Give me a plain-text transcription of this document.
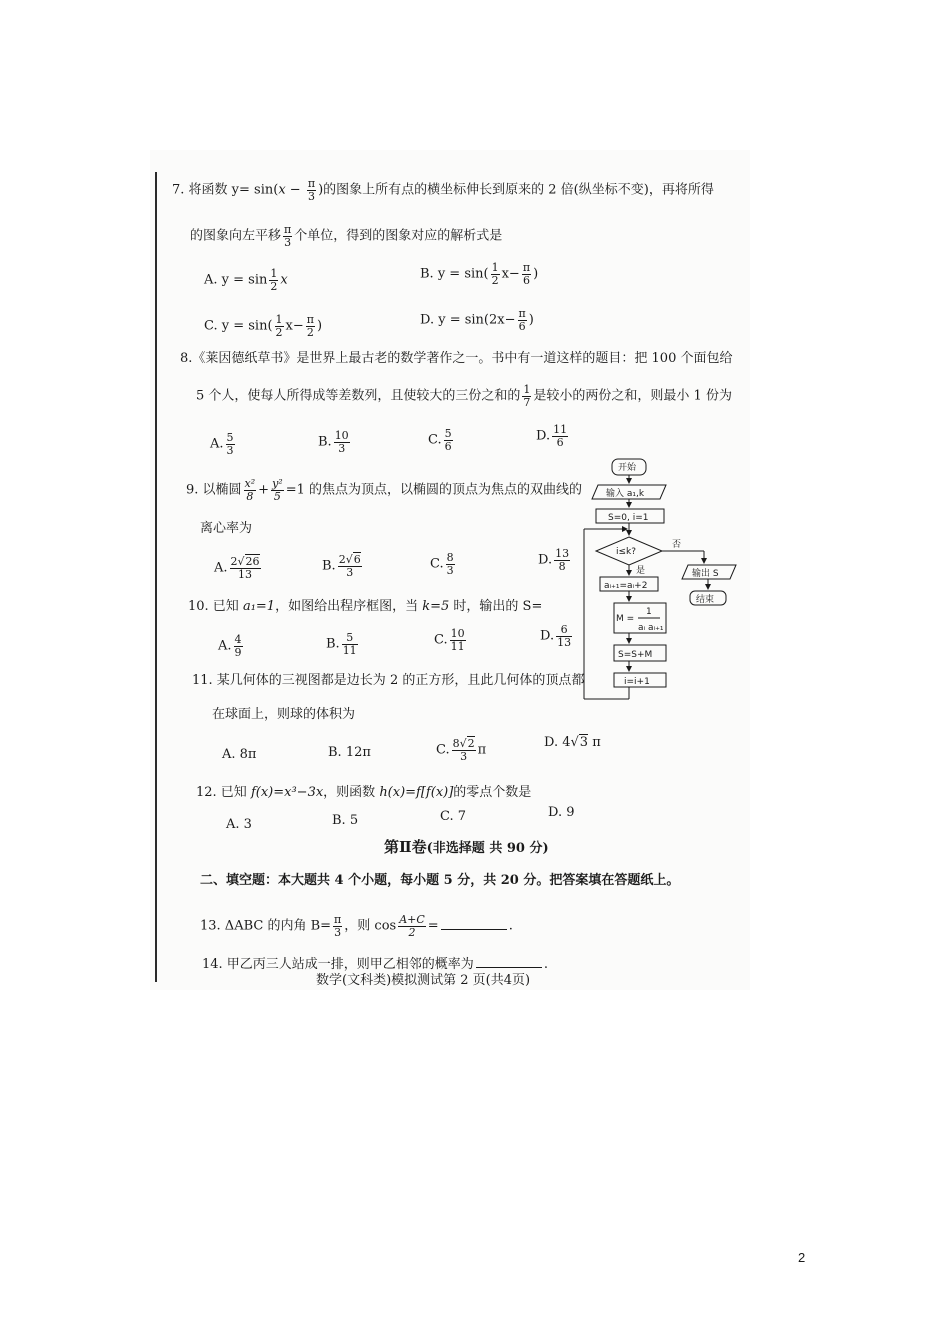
7. 将函数 $y= \sin(x - \frac{\pi}{3}$ )的图象上所有点的横坐标伸长到原来的 2 倍(纵坐标不变)，再将所得
的图象向左平移 $\frac{\pi}{3}$ 个单位，得到的图象对应的解析式是
A. $y = \sin \frac{1}{2}$ x	B. $y = \sin( \frac{1}{2} x- \frac{\pi}{6}$ )
C. $y = \sin( \frac{1}{2} x- \frac{\pi}{2}$ )	D. $y = \sin(2x- \frac{\pi}{6}$ )
8.《莱因德纸草书》是世界上最古老的数学著作之一。书中有一道这样的题目：把 100 个面包给
5 个人，使每人所得成等差数列，且使较大的三份之和的 $\frac{1}{7}$ 是较小的两份之和，则最小 1 份为
A. $\frac{5}{3}$	B. $\frac{10}{3}$	C. $\frac{5}{6}$	D. $\frac{11}{6}$
9. 以椭圆 $\frac{\text{x²}}{8} + \frac{\text{y²}}{5} =1$ 的焦点为顶点，以椭圆的顶点为焦点的双曲线的
离心率为
A. $\frac{2√26}{13}$	B. $\frac{2√6}{3}$	C. $\frac{8}{3}$	D. $\frac{13}{8}$
10. 已知 a₁=1，如图给出程序框图，当 k=5 时，输出的 S=
A. $\frac{4}{9}$	B. $\frac{5}{11}$	C. $\frac{10}{11}$	D. $\frac{6}{13}$
11. 某几何体的三视图都是边长为 2 的正方形，且此几何体的顶点都
在球面上，则球的体积为
A. 8π	B. 12π	C. $\frac{8√2}{3}$ π
D. 4√3 π
12. 已知 f(x)=x³−3x，则函数 h(x)=f[f(x)]的零点个数是
A. 3	B. 5	C. 7	D. 9
第Ⅱ卷(非选择题 共 90 分)
二、填空题：本大题共 4 个小题，每小题 5 分，共 20 分。把答案填在答题纸上。
13. ΔABC 的内角 $B= \frac{\pi}{3}$ ，则 $\cos \frac{A+C}{2}$ =	.
14. 甲乙丙三人站成一排，则甲乙相邻的概率为	.
数学(文科类)模拟测试第 2 页(共4页)
开始
输入 a₁,k
S=0, i=1
i≤k?
否
是	输出 S
结束
aᵢ₊₁=aᵢ+2
M =
1
aᵢ aᵢ₊₁
S=S+M
i=i+1
2
